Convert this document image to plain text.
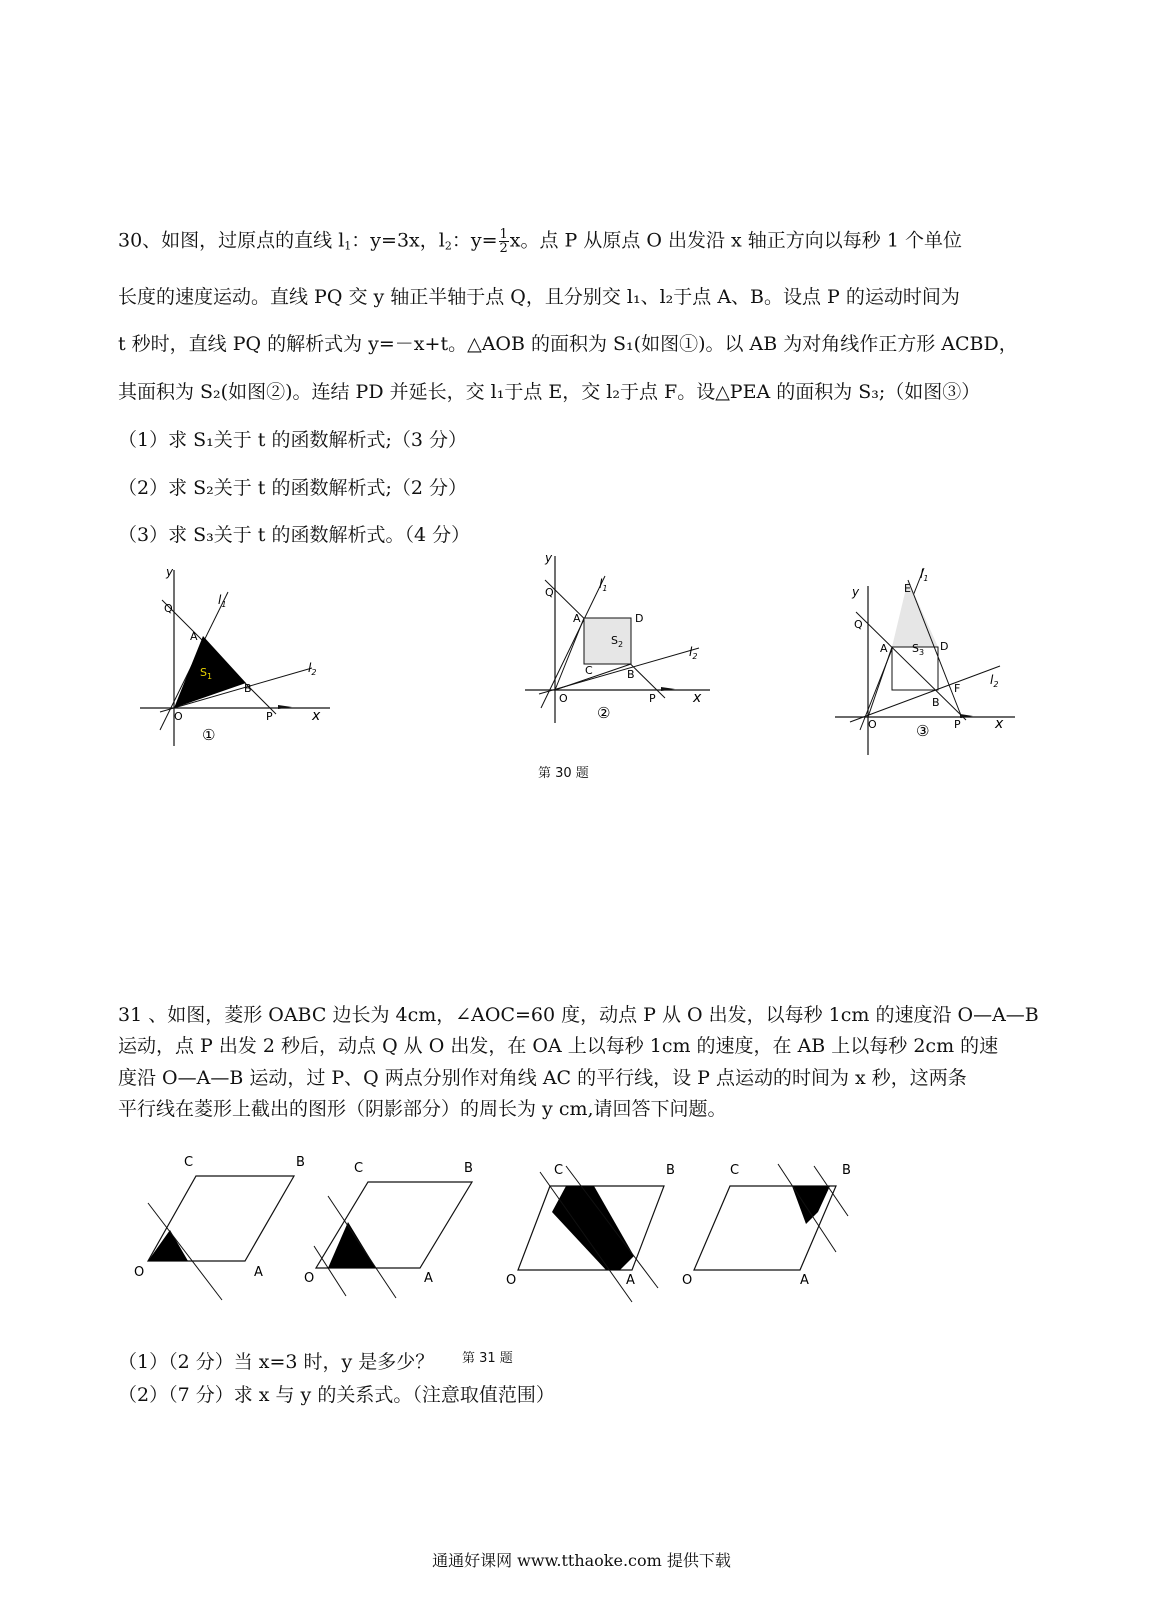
30、如图，过原点的直线 $l_1$：y=3x，$l_2$：$y= \frac{1}{2}$ x。点 P 从原点 O 出发沿 x 轴正方向以每秒 1 个单位
长度的速度运动。直线 PQ 交 y 轴正半轴于点 Q，且分别交 l₁、l₂于点 A、B。设点 P 的运动时间为
t 秒时，直线 PQ 的解析式为 y=－x+t。△AOB 的面积为 S₁(如图①)。以 AB 为对角线作正方形 ACBD，
其面积为 S₂(如图②)。连结 PD 并延长，交 l₁于点 E，交 l₂于点 F。设△PEA 的面积为 S₃;（如图③）
（1）求 S₁关于 t 的函数解析式;（3 分）
（2）求 S₂关于 t 的函数解析式;（2 分）
（3）求 S₃关于 t 的函数解析式。（4 分）
y
Q
A
B
O	P	x
$S_1$
$l_1$
$l_2$
①
y
Q
A	D
C	B
O	P	x
$S_2$
$l_1$
$l_2$
②
y
Q
E
A	D
B
F
O	P x
$S_3$
$l_1$
$l_2$
③
第 30 题
31 、如图，菱形 OABC 边长为 4cm，∠AOC=60 度，动点 P 从 O 出发，以每秒 1cm 的速度沿 O—A—B
运动，点 P 出发 2 秒后，动点 Q 从 O 出发，在 OA 上以每秒 1cm 的速度，在 AB 上以每秒 2cm 的速
度沿 O—A—B 运动，过 P、Q 两点分别作对角线 AC 的平行线，设 P 点运动的时间为 x 秒，这两条
平行线在菱形上截出的图形（阴影部分）的周长为 y cm,请回答下问题。
C	B
O	A
C	B
O	A
C	B
O	A
C	B
O	A
（1）（2 分）当 x=3 时，y 是多少？ 第 31 题
（2）（7 分）求 x 与 y 的关系式。（注意取值范围）
通通好课网 www.tthaoke.com 提供下载
